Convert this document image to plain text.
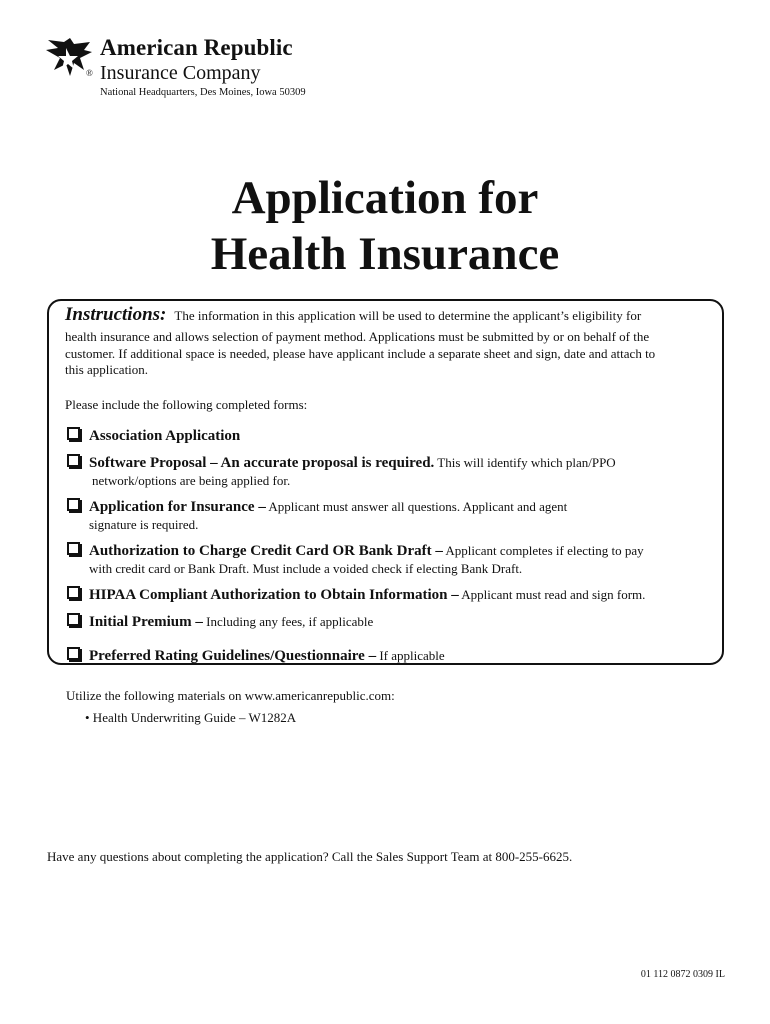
American Republic
Insurance Company
®
National Headquarters, Des Moines, Iowa 50309
Application for
Health Insurance
Instructions: The information in this application will be used to determine the applicant’s eligibility for
health insurance and allows selection of payment method. Applications must be submitted by or on behalf of the
customer. If additional space is needed, please have applicant include a separate sheet and sign, date and attach to
this application.
Please include the following completed forms:
Association Application
Software Proposal – An accurate proposal is required. This will identify which plan/PPO
network/options are being applied for.
Application for Insurance – Applicant must answer all questions. Applicant and agent
signature is required.
Authorization to Charge Credit Card OR Bank Draft – Applicant completes if electing to pay
with credit card or Bank Draft. Must include a voided check if electing Bank Draft.
HIPAA Compliant Authorization to Obtain Information – Applicant must read and sign form.
Initial Premium – Including any fees, if applicable
Preferred Rating Guidelines/Questionnaire – If applicable
Utilize the following materials on www.americanrepublic.com:
• Health Underwriting Guide – W1282A
Have any questions about completing the application? Call the Sales Support Team at 800-255-6625.
01 112 0872 0309 IL
